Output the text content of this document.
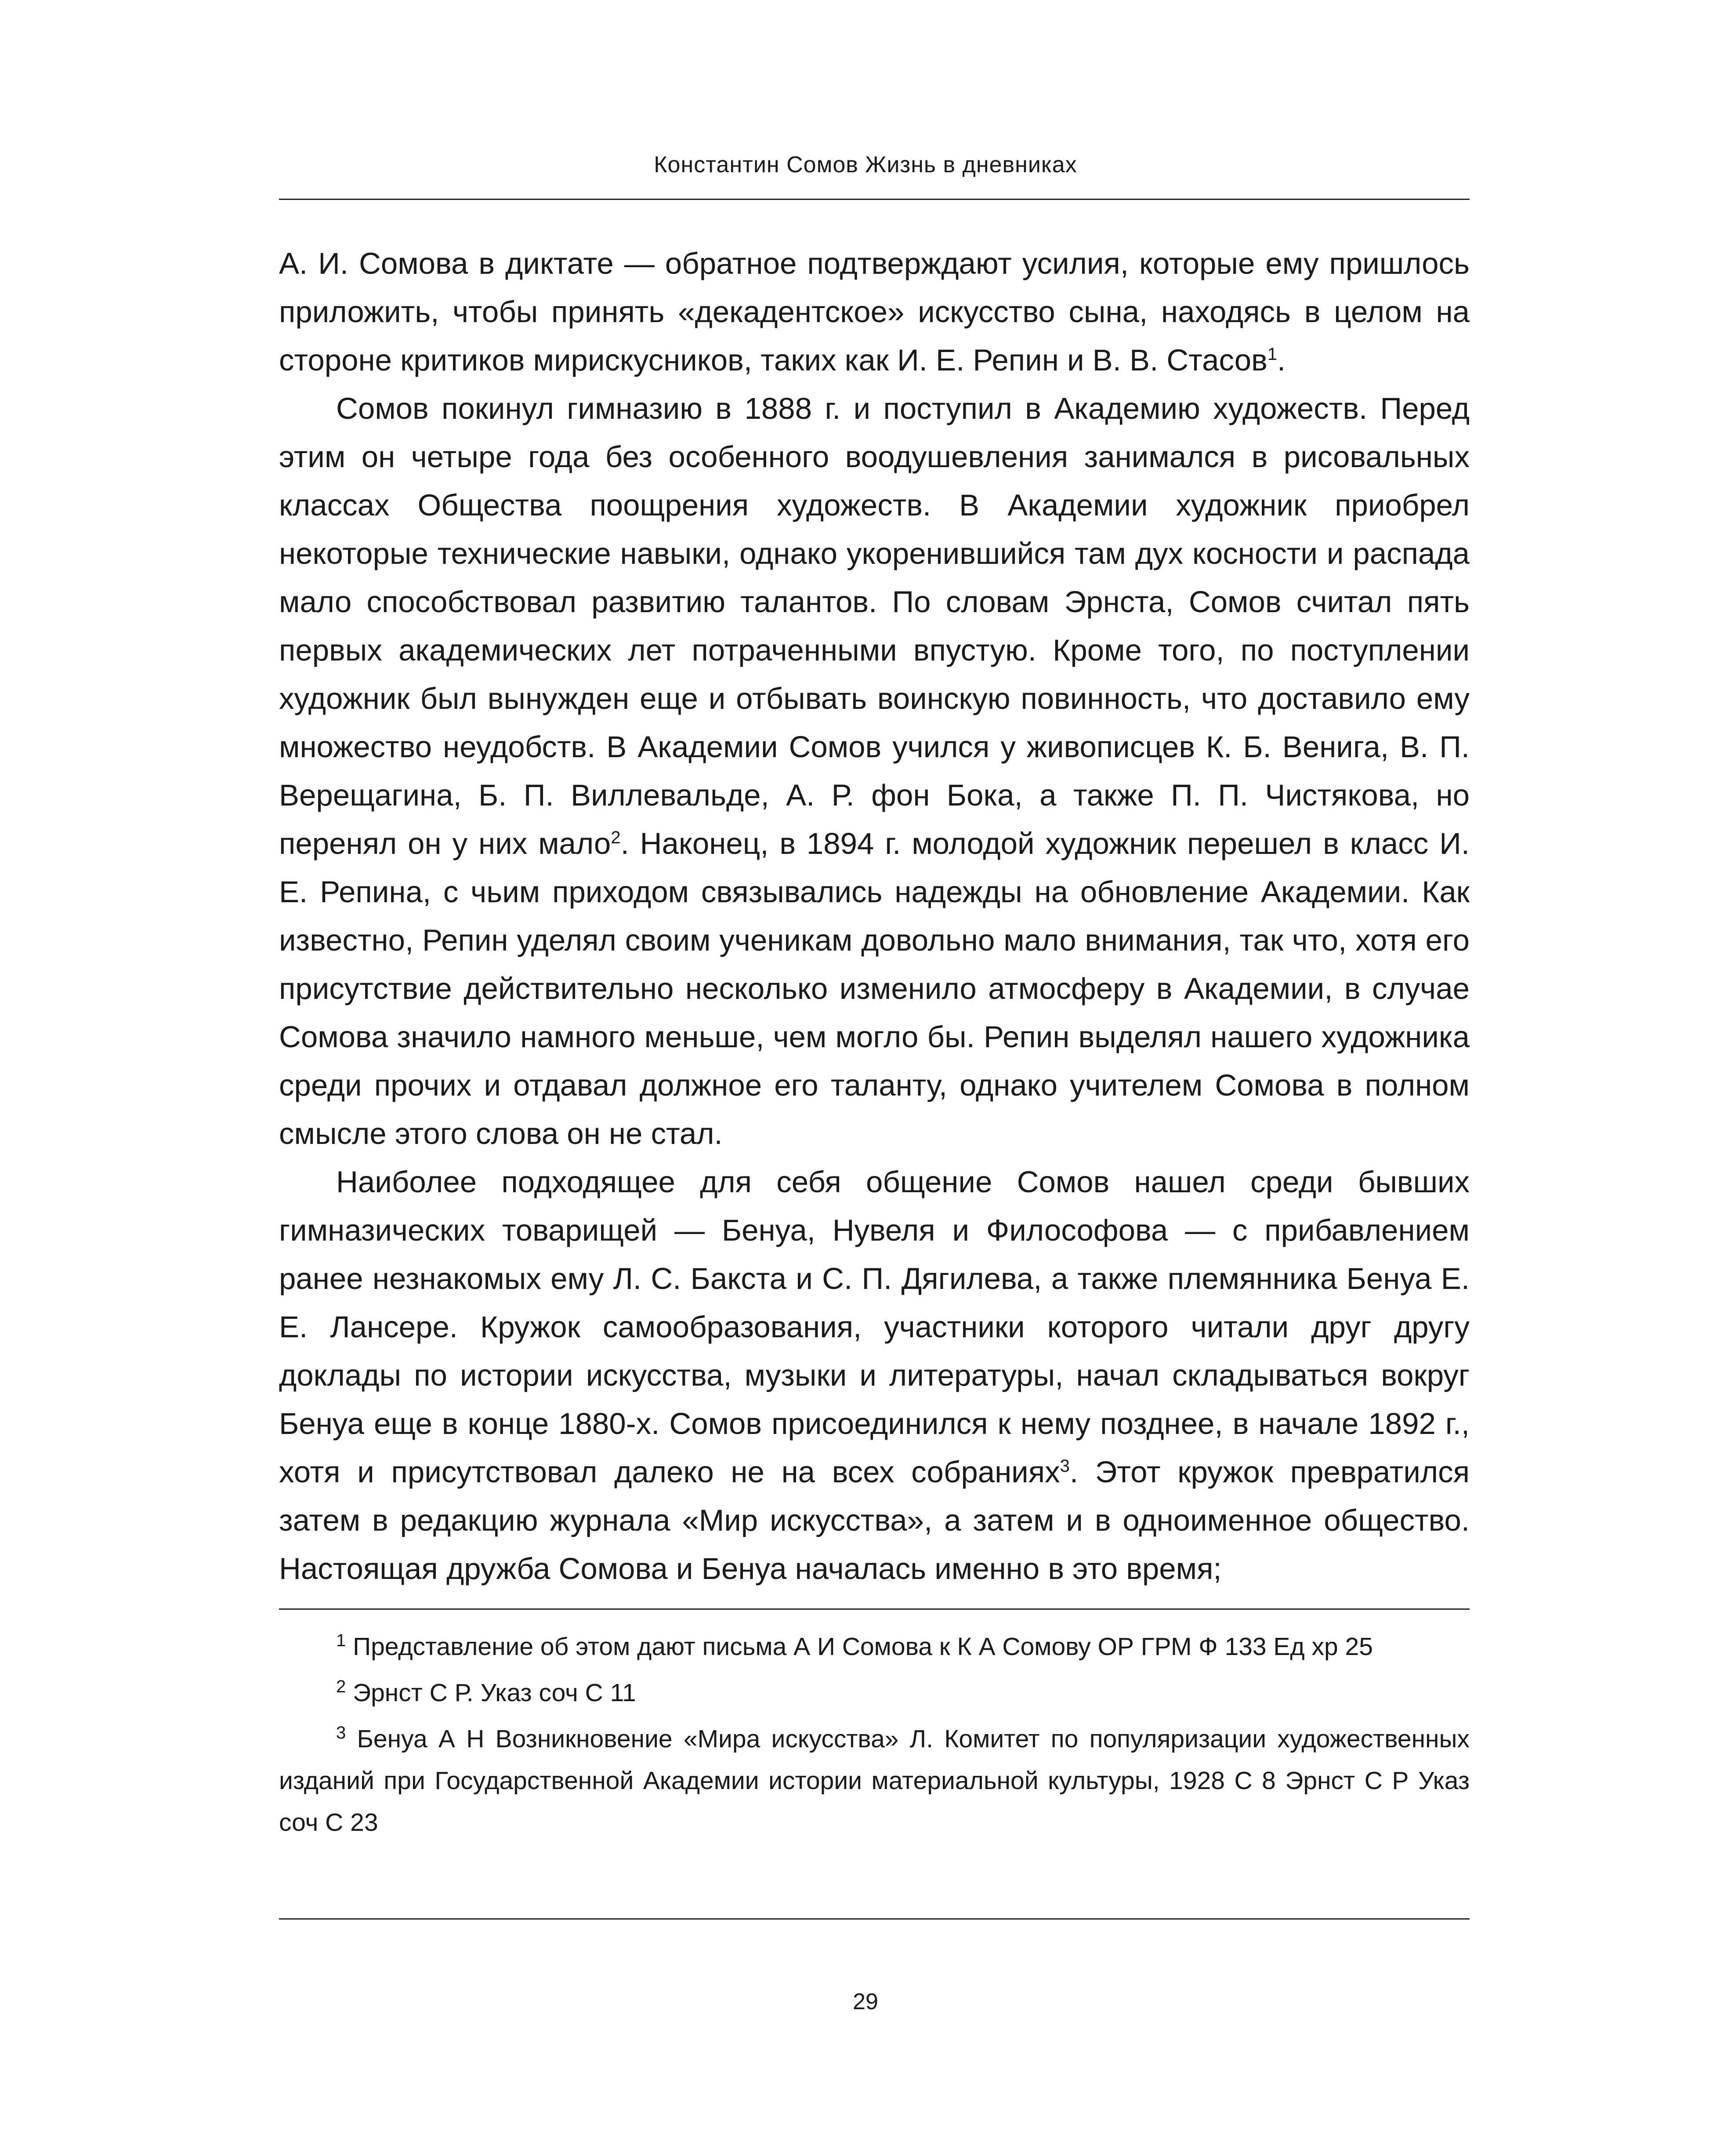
Константин Сомов Жизнь в дневниках

А. И. Сомова в диктате — обратное подтверждают усилия, которые ему пришлось приложить, чтобы принять «декадентское» искусство сына, находясь в целом на стороне критиков мирискусников, таких как И. Е. Репин и В. В. Стасов$^1$.

Сомов покинул гимназию в 1888 г. и поступил в Академию художеств. Перед этим он четыре года без особенного воодушевления занимался в рисовальных классах Общества поощрения художеств. В Академии художник приобрел некоторые технические навыки, однако укоренившийся там дух косности и распада мало способствовал развитию талантов. По словам Эрнста, Сомов считал пять первых академических лет потраченными впустую. Кроме того, по поступлении художник был вынужден еще и отбывать воинскую повинность, что доставило ему множество неудобств. В Академии Сомов учился у живописцев К. Б. Венига, В. П. Верещагина, Б. П. Виллевальде, А. Р. фон Бока, а также П. П. Чистякова, но перенял он у них мало$^2$. Наконец, в 1894 г. молодой художник перешел в класс И. Е. Репина, с чьим приходом связывались надежды на обновление Академии. Как известно, Репин уделял своим ученикам довольно мало внимания, так что, хотя его присутствие действительно несколько изменило атмосферу в Академии, в случае Сомова значило намного меньше, чем могло бы. Репин выделял нашего художника среди прочих и отдавал должное его таланту, однако учителем Сомова в полном смысле этого слова он не стал.

Наиболее подходящее для себя общение Сомов нашел среди бывших гимназических товарищей — Бенуа, Нувеля и Философова — с прибавлением ранее незнакомых ему Л. С. Бакста и С. П. Дягилева, а также племянника Бенуа Е. Е. Лансере. Кружок самообразования, участники которого читали друг другу доклады по истории искусства, музыки и литературы, начал складываться вокруг Бенуа еще в конце 1880-х. Сомов присоединился к нему позднее, в начале 1892 г., хотя и присутствовал далеко не на всех собраниях$^3$. Этот кружок превратился затем в редакцию журнала «Мир искусства», а затем и в одноименное общество. Настоящая дружба Сомова и Бенуа началась именно в это время;

$^1$ Представление об этом дают письма А И Сомова к К А Сомову ОР ГРМ Ф 133 Ед хр 25

$^2$ Эрнст С Р. Указ соч С 11

$^3$ Бенуа А Н Возникновение «Мира искусства» Л. Комитет по популяризации художественных изданий при Государственной Академии истории материальной культуры, 1928 С 8 Эрнст С Р Указ соч С 23

29
